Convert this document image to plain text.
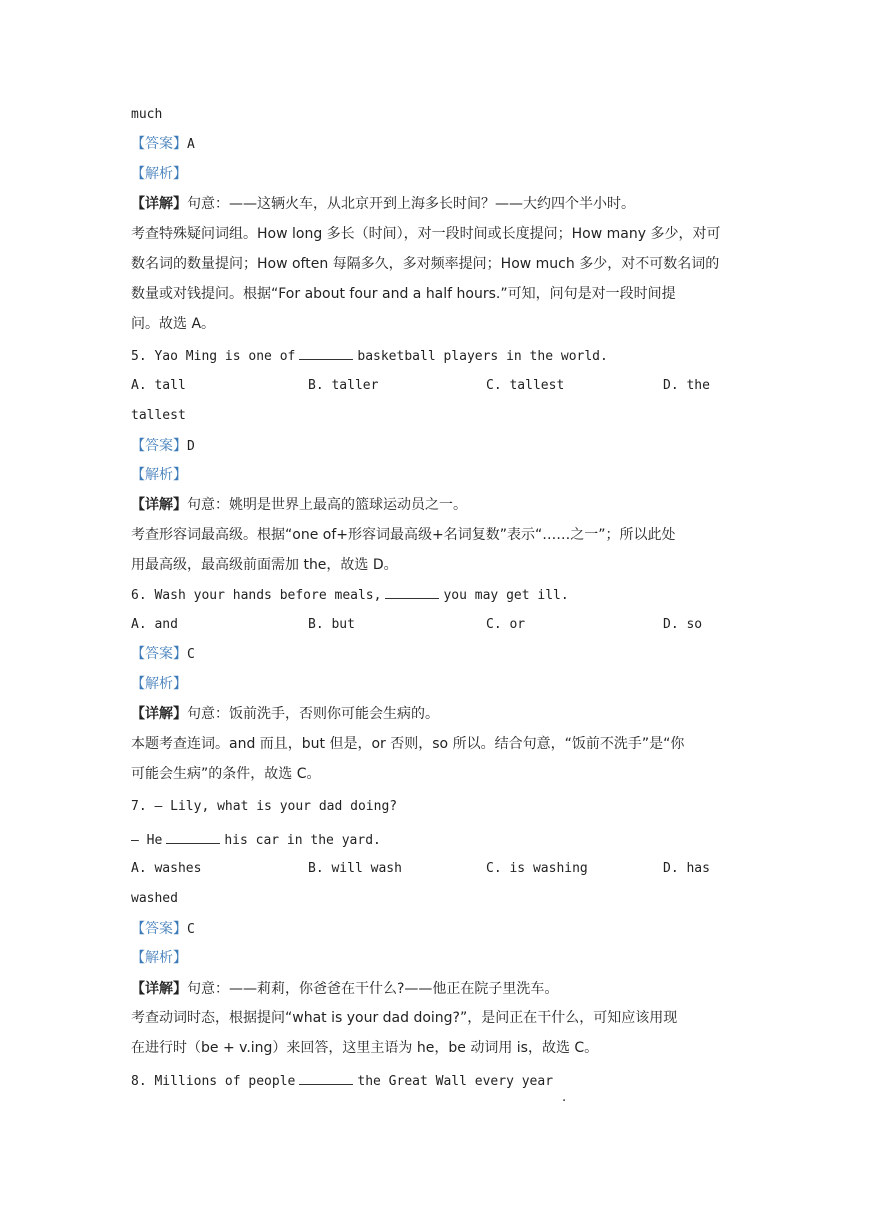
much
【答案】A
【解析】
【详解】句意：——这辆火车，从北京开到上海多长时间？——大约四个半小时。
考查特殊疑问词组。How long 多长（时间），对一段时间或长度提问；How many 多少，对可
数名词的数量提问；How often 每隔多久，多对频率提问；How much 多少，对不可数名词的
数量或对钱提问。根据“For about four and a half hours.”可知，问句是对一段时间提
问。故选 A。
5. Yao Ming is one of	basketball players in the world.
A. tall	B. taller	C. tallest	D. the
tallest
【答案】D
【解析】
【详解】句意：姚明是世界上最高的篮球运动员之一。
考查形容词最高级。根据“one of+形容词最高级+名词复数”表示“……之一”；所以此处
用最高级，最高级前面需加 the，故选 D。
6. Wash your hands before meals,	you may get ill.
A. and	B. but	C. or	D. so
【答案】C
【解析】
【详解】句意：饭前洗手，否则你可能会生病的。
本题考查连词。and 而且，but 但是，or 否则，so 所以。结合句意，“饭前不洗手”是“你
可能会生病”的条件，故选 C。
7. — Lily, what is your dad doing?
— He	his car in the yard.
A. washes	B. will wash	C. is washing	D. has
washed
【答案】C
【解析】
【详解】句意：——莉莉，你爸爸在干什么?——他正在院子里洗车。
考查动词时态，根据提问“what is your dad doing?”，是问正在干什么，可知应该用现
在进行时（be + v.ing）来回答，这里主语为 he，be 动词用 is，故选 C。
8. Millions of people	the Great Wall every year
.
